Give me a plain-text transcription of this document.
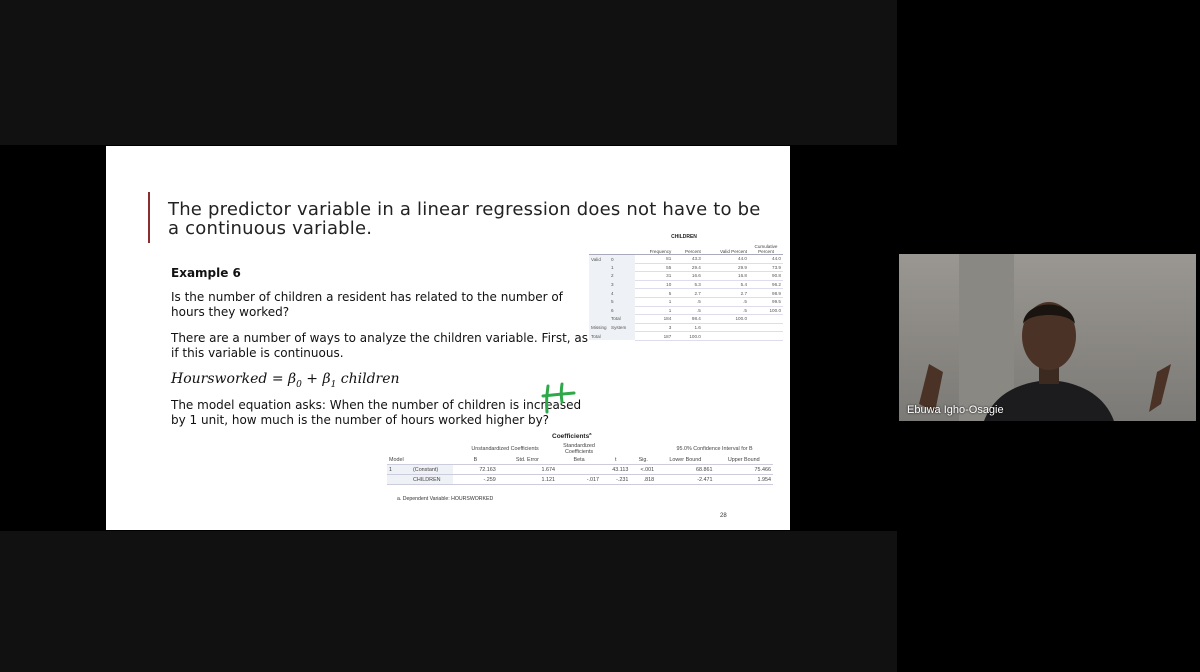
The predictor variable in a linear regression does not have to be a continuous variable.
Example 6
Is the number of children a resident has related to the number of hours they worked?
There are a number of ways to analyze the children variable. First, as if this variable is continuous.
Hoursworked = $\beta_0 + \beta_1$ children
The model equation asks: When the number of children is increased by 1 unit, how much is the number of hours worked higher by?
CHILDREN
		Frequency	Percent	Valid Percent	Cumulative Percent
Valid	0	81	43.3	44.0	44.0
	1	55	29.4	29.9	73.9
	2	31	16.6	16.8	90.8
	3	10	5.3	5.4	96.2
	4	5	2.7	2.7	98.9
	5	1	.5	.5	99.5
	6	1	.5	.5	100.0
	Total	184	98.4	100.0	
Missing	System	3	1.6		
Total		187	100.0		
Coefficients$^a$
		Unstandardized Coefficients		Standardized Coefficients			95.0% Confidence Interval for B	
Model		B	Std. Error	Beta	t	Sig.	Lower Bound	Upper Bound
1	(Constant)	72.163	1.674		43.113	<.001	68.861	75.466
	CHILDREN	-.259	1.121	-.017	-.231	.818	-2.471	1.954
a. Dependent Variable: HOURSWORKED
28
Ebuwa Igho-Osagie
